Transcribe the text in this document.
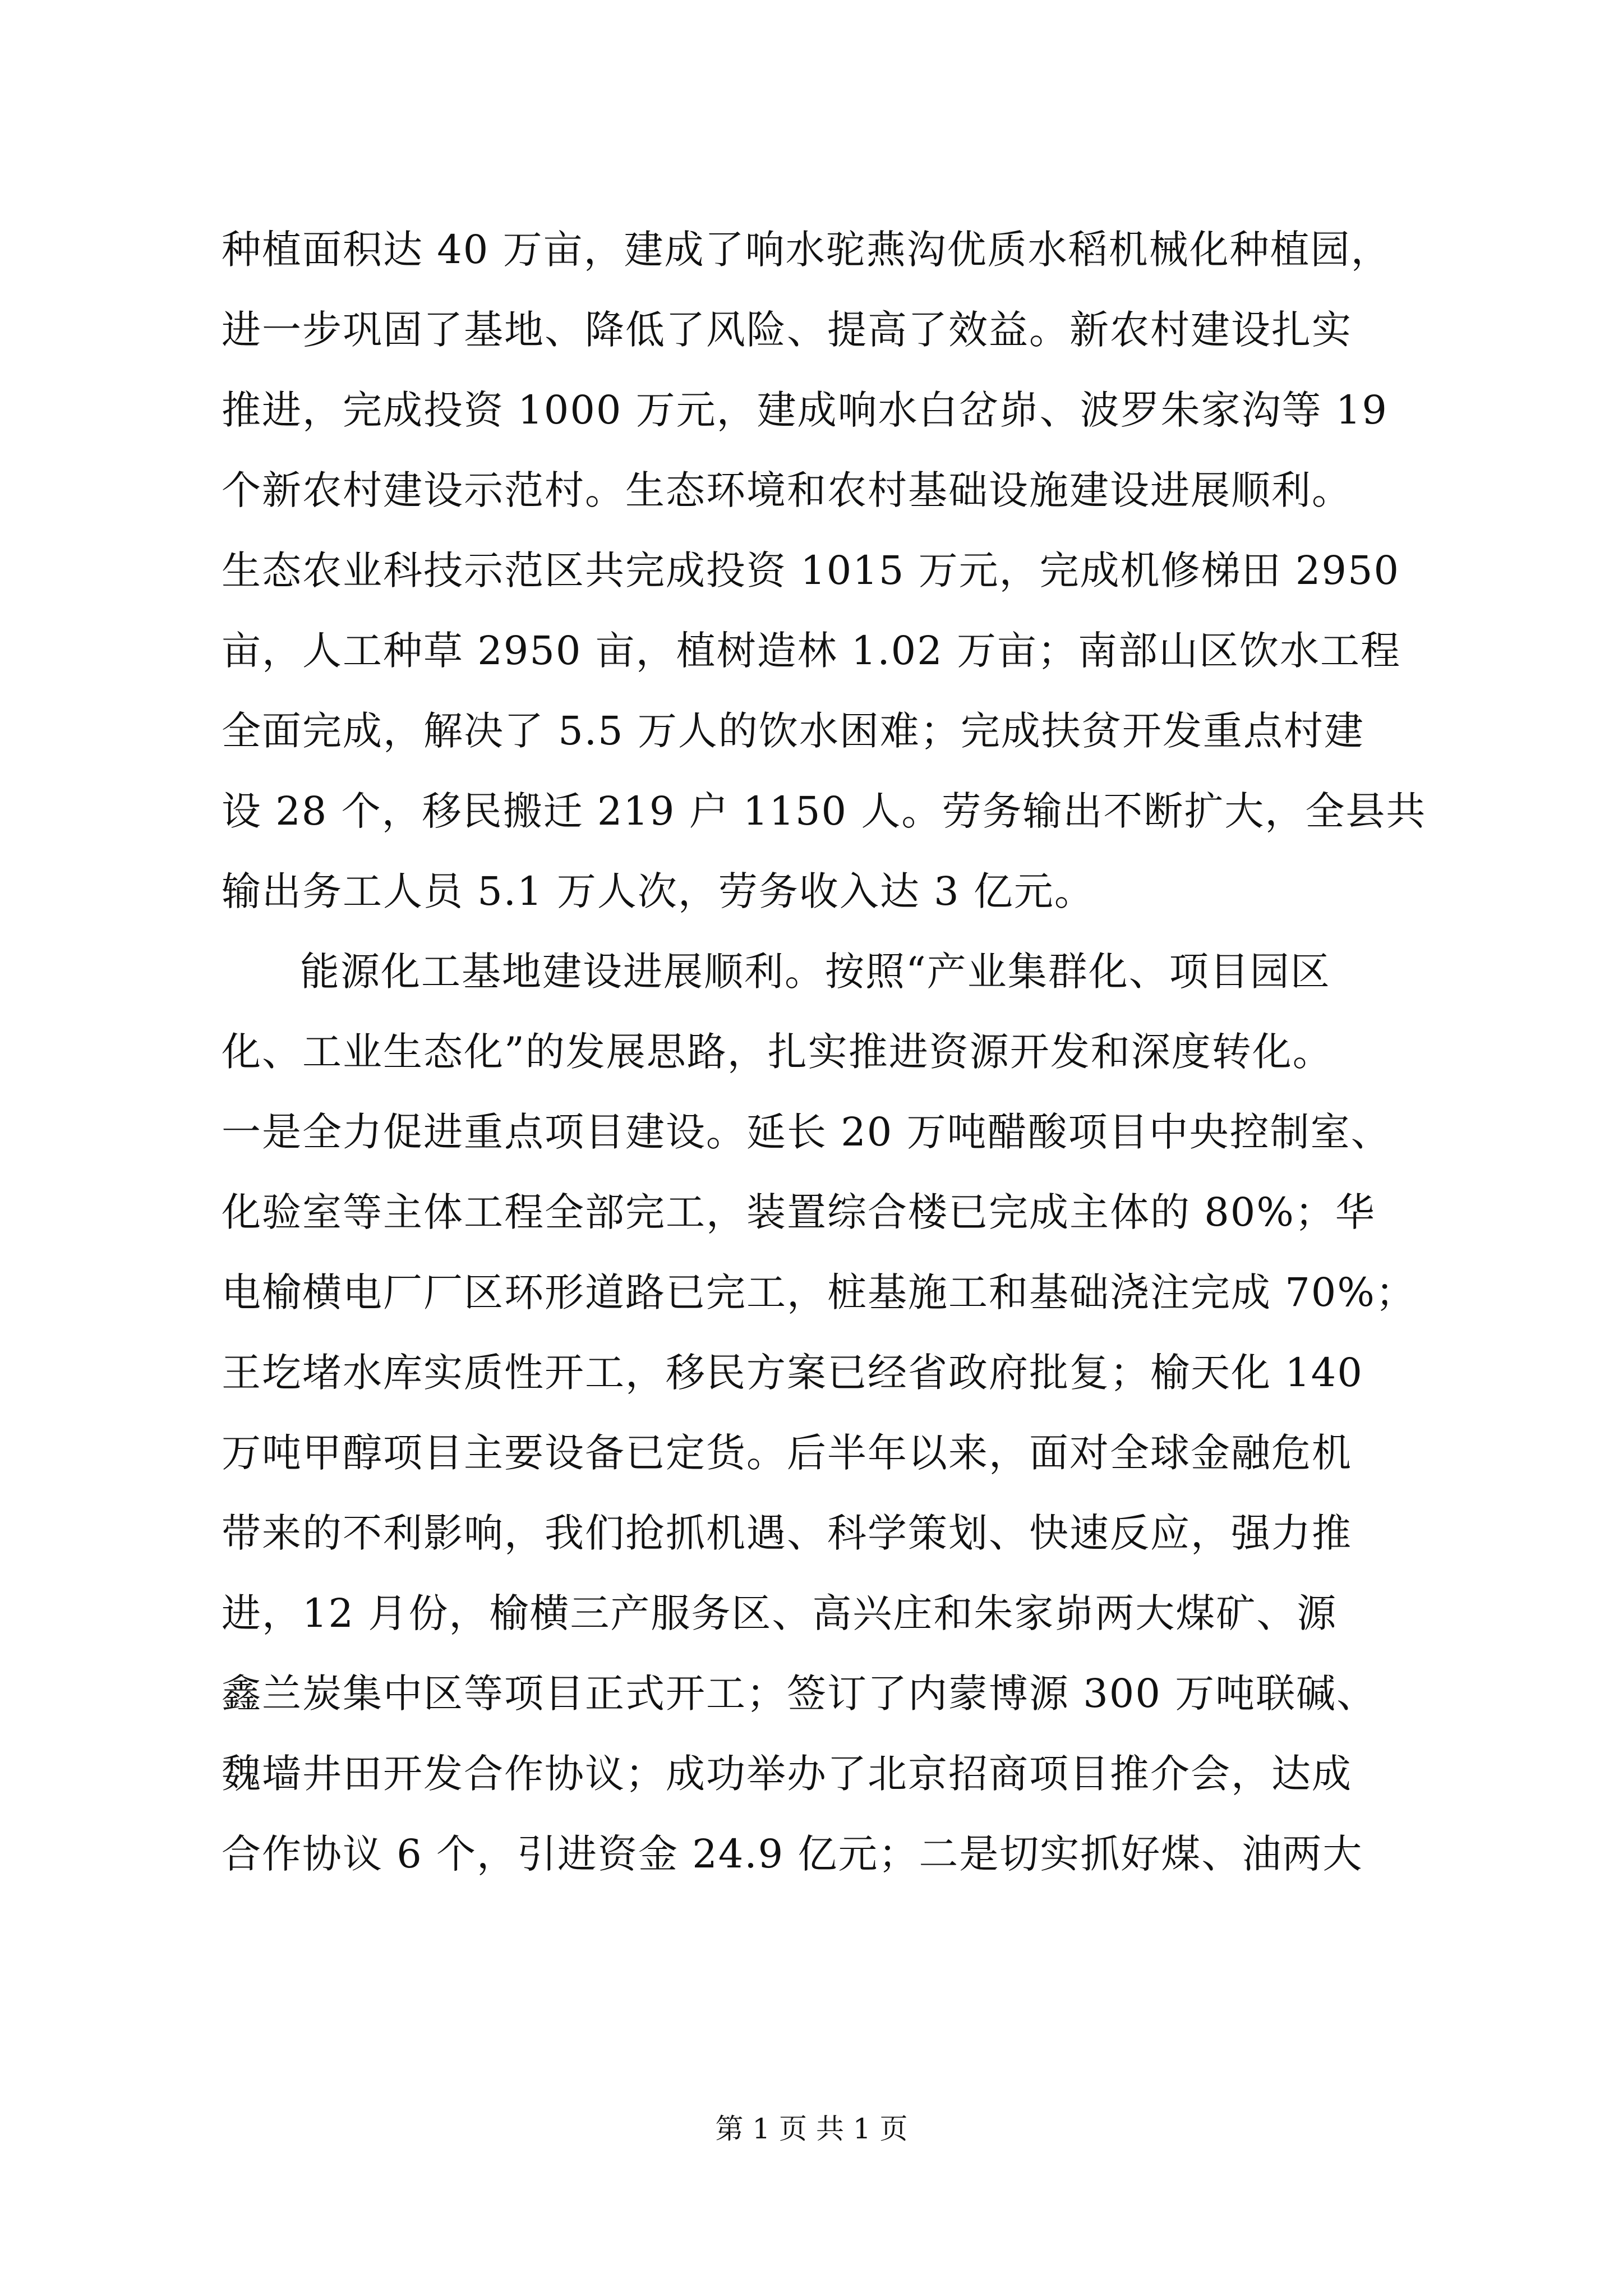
种植面积达 40 万亩，建成了响水驼燕沟优质水稻机械化种植园，
进一步巩固了基地、降低了风险、提高了效益。新农村建设扎实
推进，完成投资 1000 万元，建成响水白岔峁、波罗朱家沟等 19
个新农村建设示范村。生态环境和农村基础设施建设进展顺利。
生态农业科技示范区共完成投资 1015 万元，完成机修梯田 2950
亩，人工种草 2950 亩，植树造林 1.02 万亩；南部山区饮水工程
全面完成，解决了 5.5 万人的饮水困难；完成扶贫开发重点村建
设 28 个，移民搬迁 219 户 1150 人。劳务输出不断扩大，全县共
输出务工人员 5.1 万人次，劳务收入达 3 亿元。
能源化工基地建设进展顺利。按照“产业集群化、项目园区
化、工业生态化”的发展思路，扎实推进资源开发和深度转化。
一是全力促进重点项目建设。延长 20 万吨醋酸项目中央控制室、
化验室等主体工程全部完工，装置综合楼已完成主体的 80%；华
电榆横电厂厂区环形道路已完工，桩基施工和基础浇注完成 70%；
王圪堵水库实质性开工，移民方案已经省政府批复；榆天化 140
万吨甲醇项目主要设备已定货。后半年以来，面对全球金融危机
带来的不利影响，我们抢抓机遇、科学策划、快速反应，强力推
进，12 月份，榆横三产服务区、高兴庄和朱家峁两大煤矿、源
鑫兰炭集中区等项目正式开工；签订了内蒙博源 300 万吨联碱、
魏墙井田开发合作协议；成功举办了北京招商项目推介会，达成
合作协议 6 个，引进资金 24.9 亿元；二是切实抓好煤、油两大
第 1 页 共 1 页
